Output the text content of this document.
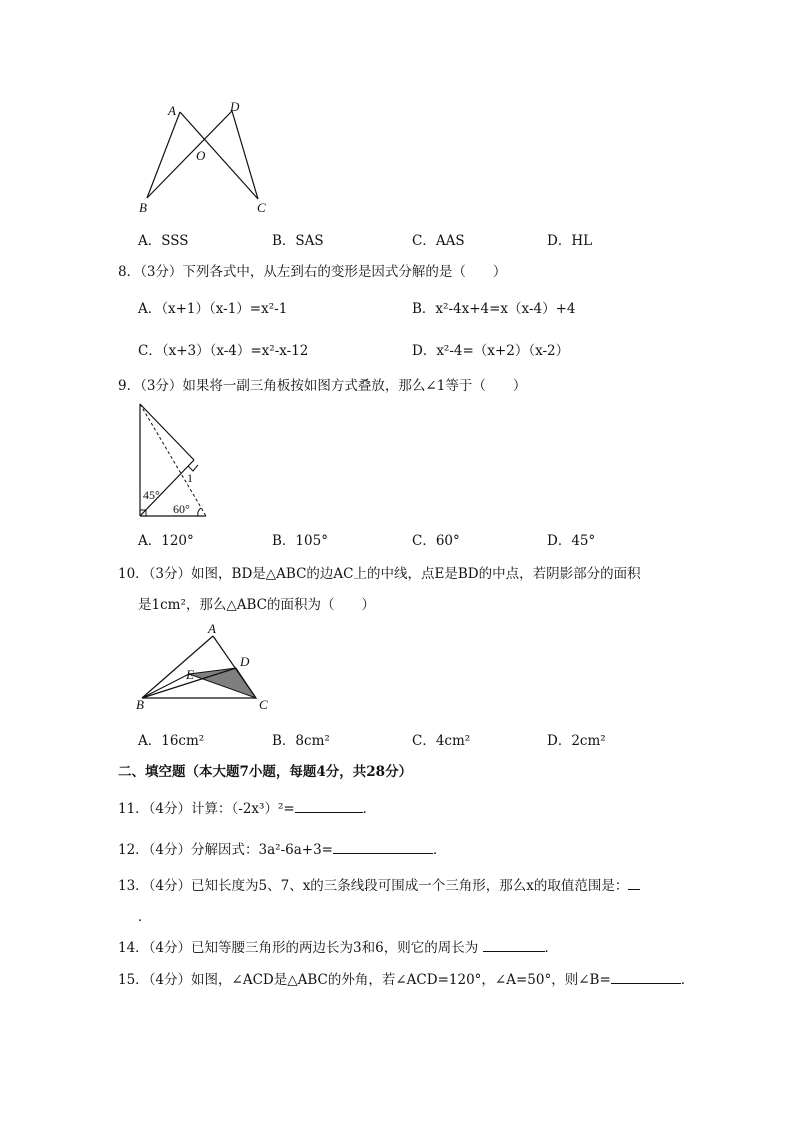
A	D
O
B	C
A．SSS	B．SAS	C．AAS	D．HL
8．（3分）下列各式中，从左到右的变形是因式分解的是（　　）
A．（x+1）（x-1）=x²-1	B．x²-4x+4=x（x-4）+4
C．（x+3）（x-4）=x²-x-12	D．x²-4=（x+2）（x-2）
9．（3分）如果将一副三角板按如图方式叠放，那么∠1等于（　　）
45°
60°
1
A．120°	B．105°	C．60°	D．45°
10．（3分）如图，BD是△ABC的边AC上的中线，点E是BD的中点，若阴影部分的面积
是1cm²，那么△ABC的面积为（　　）
A
D
E
B	C
A．16cm²	B．8cm²	C．4cm²	D．2cm²
二、填空题（本大题7小题，每题4分，共28分）
11．（4分）计算：（-2x³）²=	．
12．（4分）分解因式：3a²-6a+3=	．
13．（4分）已知长度为5、7、x的三条线段可围成一个三角形，那么x的取值范围是：
．
14．（4分）已知等腰三角形的两边长为3和6，则它的周长为	．
15．（4分）如图，∠ACD是△ABC的外角，若∠ACD=120°，∠A=50°，则∠B=	．
